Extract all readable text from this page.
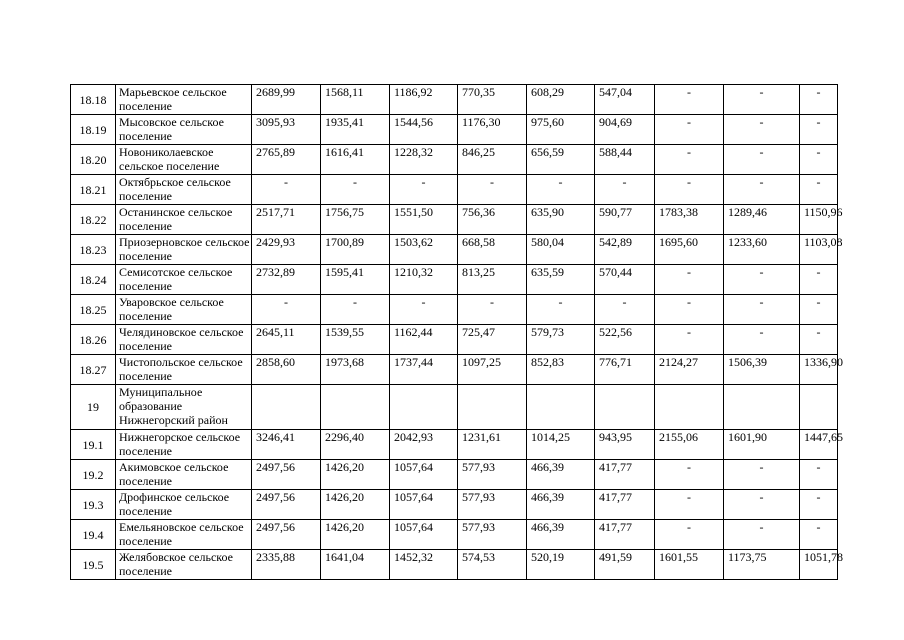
18.18	Марьевское сельское поселение	2689,99	1568,11	1186,92	770,35	608,29	547,04	-	-	-
18.19	Мысовское сельское поселение	3095,93	1935,41	1544,56	1176,30	975,60	904,69	-	-	-
18.20	Новониколаевское сельское поселение	2765,89	1616,41	1228,32	846,25	656,59	588,44	-	-	-
18.21	Октябрьское сельское поселение	-	-	-	-	-	-	-	-	-
18.22	Останинское сельское поселение	2517,71	1756,75	1551,50	756,36	635,90	590,77	1783,38	1289,46	1150,96
18.23	Приозерновское сельское поселение	2429,93	1700,89	1503,62	668,58	580,04	542,89	1695,60	1233,60	1103,08
18.24	Семисотское сельское поселение	2732,89	1595,41	1210,32	813,25	635,59	570,44	-	-	-
18.25	Уваровское сельское поселение	-	-	-	-	-	-	-	-	-
18.26	Челядиновское сельское поселение	2645,11	1539,55	1162,44	725,47	579,73	522,56	-	-	-
18.27	Чистопольское сельское поселение	2858,60	1973,68	1737,44	1097,25	852,83	776,71	2124,27	1506,39	1336,90
19	Муниципальное образование Нижнегорский район									
19.1	Нижнегорское сельское поселение	3246,41	2296,40	2042,93	1231,61	1014,25	943,95	2155,06	1601,90	1447,65
19.2	Акимовское сельское поселение	2497,56	1426,20	1057,64	577,93	466,39	417,77	-	-	-
19.3	Дрофинское сельское поселение	2497,56	1426,20	1057,64	577,93	466,39	417,77	-	-	-
19.4	Емельяновское сельское поселение	2497,56	1426,20	1057,64	577,93	466,39	417,77	-	-	-
19.5	Желябовское сельское поселение	2335,88	1641,04	1452,32	574,53	520,19	491,59	1601,55	1173,75	1051,78
